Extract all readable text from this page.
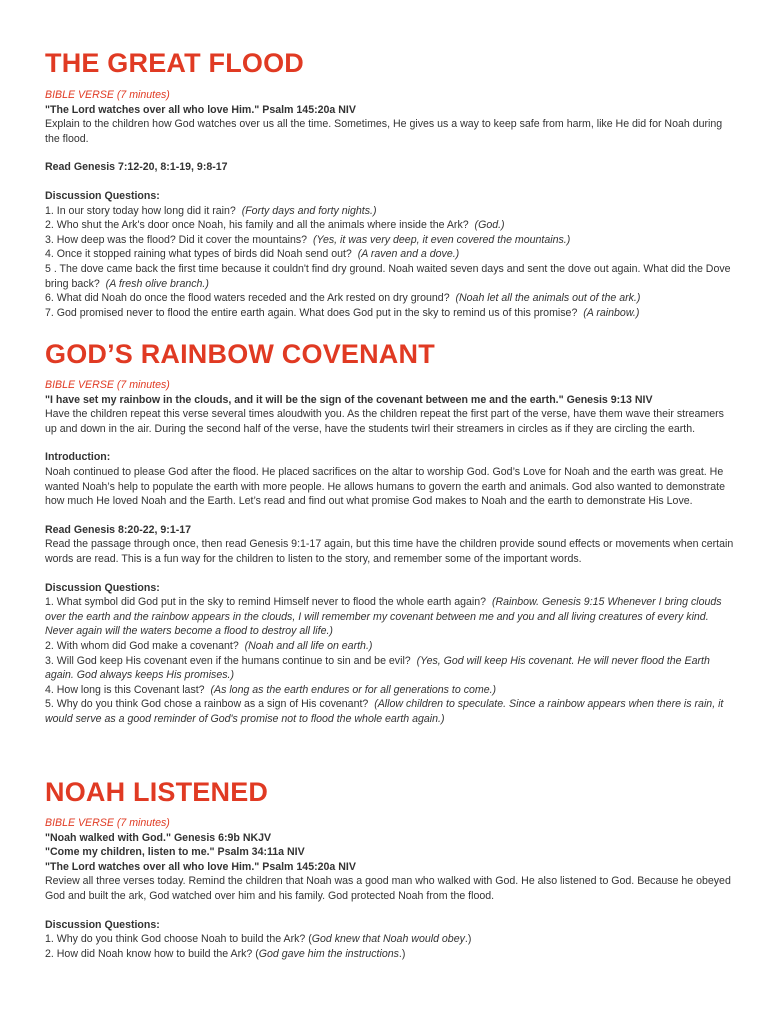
THE GREAT FLOOD
BIBLE VERSE (7 minutes)

"The Lord watches over all who love Him." Psalm 145:20a NIV

Explain to the children how God watches over us all the time. Sometimes, He gives us a way to keep safe from harm, like He did for Noah during the flood.

Read Genesis 7:12-20, 8:1-19, 9:8-17

Discussion Questions:

1. In our story today how long did it rain? (Forty days and forty nights.)

2. Who shut the Ark's door once Noah, his family and all the animals where inside the Ark? (God.)

3. How deep was the flood? Did it cover the mountains? (Yes, it was very deep, it even covered the mountains.)

4. Once it stopped raining what types of birds did Noah send out? (A raven and a dove.)

5 . The dove came back the first time because it couldn't find dry ground. Noah waited seven days and sent the dove out again. What did the Dove bring back? (A fresh olive branch.)

6. What did Noah do once the flood waters receded and the Ark rested on dry ground? (Noah let all the animals out of the ark.)

7. God promised never to flood the entire earth again. What does God put in the sky to remind us of this promise? (A rainbow.)

GOD’S RAINBOW COVENANT
BIBLE VERSE (7 minutes)

"I have set my rainbow in the clouds, and it will be the sign of the covenant between me and the earth." Genesis 9:13 NIV

Have the children repeat this verse several times aloudwith you. As the children repeat the first part of the verse, have them wave their streamers up and down in the air. During the second half of the verse, have the students twirl their streamers in circles as if they are circling the earth.

Introduction:

Noah continued to please God after the flood. He placed sacrifices on the altar to worship God. God’s Love for Noah and the earth was great. He wanted Noah’s help to populate the earth with more people. He allows humans to govern the earth and animals. God also wanted to demonstrate how much He loved Noah and the Earth. Let’s read and find out what promise God makes to Noah and the earth to demonstrate His Love.

Read Genesis 8:20-22, 9:1-17

Read the passage through once, then read Genesis 9:1-17 again, but this time have the children provide sound effects or movements when certain words are read. This is a fun way for the children to listen to the story, and remember some of the important words.

Discussion Questions:

1. What symbol did God put in the sky to remind Himself never to flood the whole earth again? (Rainbow. Genesis 9:15 Whenever I bring clouds over the earth and the rainbow appears in the clouds, I will remember my covenant between me and you and all living creatures of every kind. Never again will the waters become a flood to destroy all life.)

2. With whom did God make a covenant? (Noah and all life on earth.)

3. Will God keep His covenant even if the humans continue to sin and be evil? (Yes, God will keep His covenant. He will never flood the Earth again. God always keeps His promises.)

4. How long is this Covenant last? (As long as the earth endures or for all generations to come.)

5. Why do you think God chose a rainbow as a sign of His covenant? (Allow children to speculate. Since a rainbow appears when there is rain, it would serve as a good reminder of God's promise not to flood the whole earth again.)

NOAH LISTENED
BIBLE VERSE (7 minutes)

"Noah walked with God." Genesis 6:9b NKJV

"Come my children, listen to me." Psalm 34:11a NIV

"The Lord watches over all who love Him." Psalm 145:20a NIV

Review all three verses today. Remind the children that Noah was a good man who walked with God. He also listened to God. Because he obeyed God and built the ark, God watched over him and his family. God protected Noah from the flood.

Discussion Questions:

1. Why do you think God choose Noah to build the Ark? (God knew that Noah would obey.)

2. How did Noah know how to build the Ark? (God gave him the instructions.)
